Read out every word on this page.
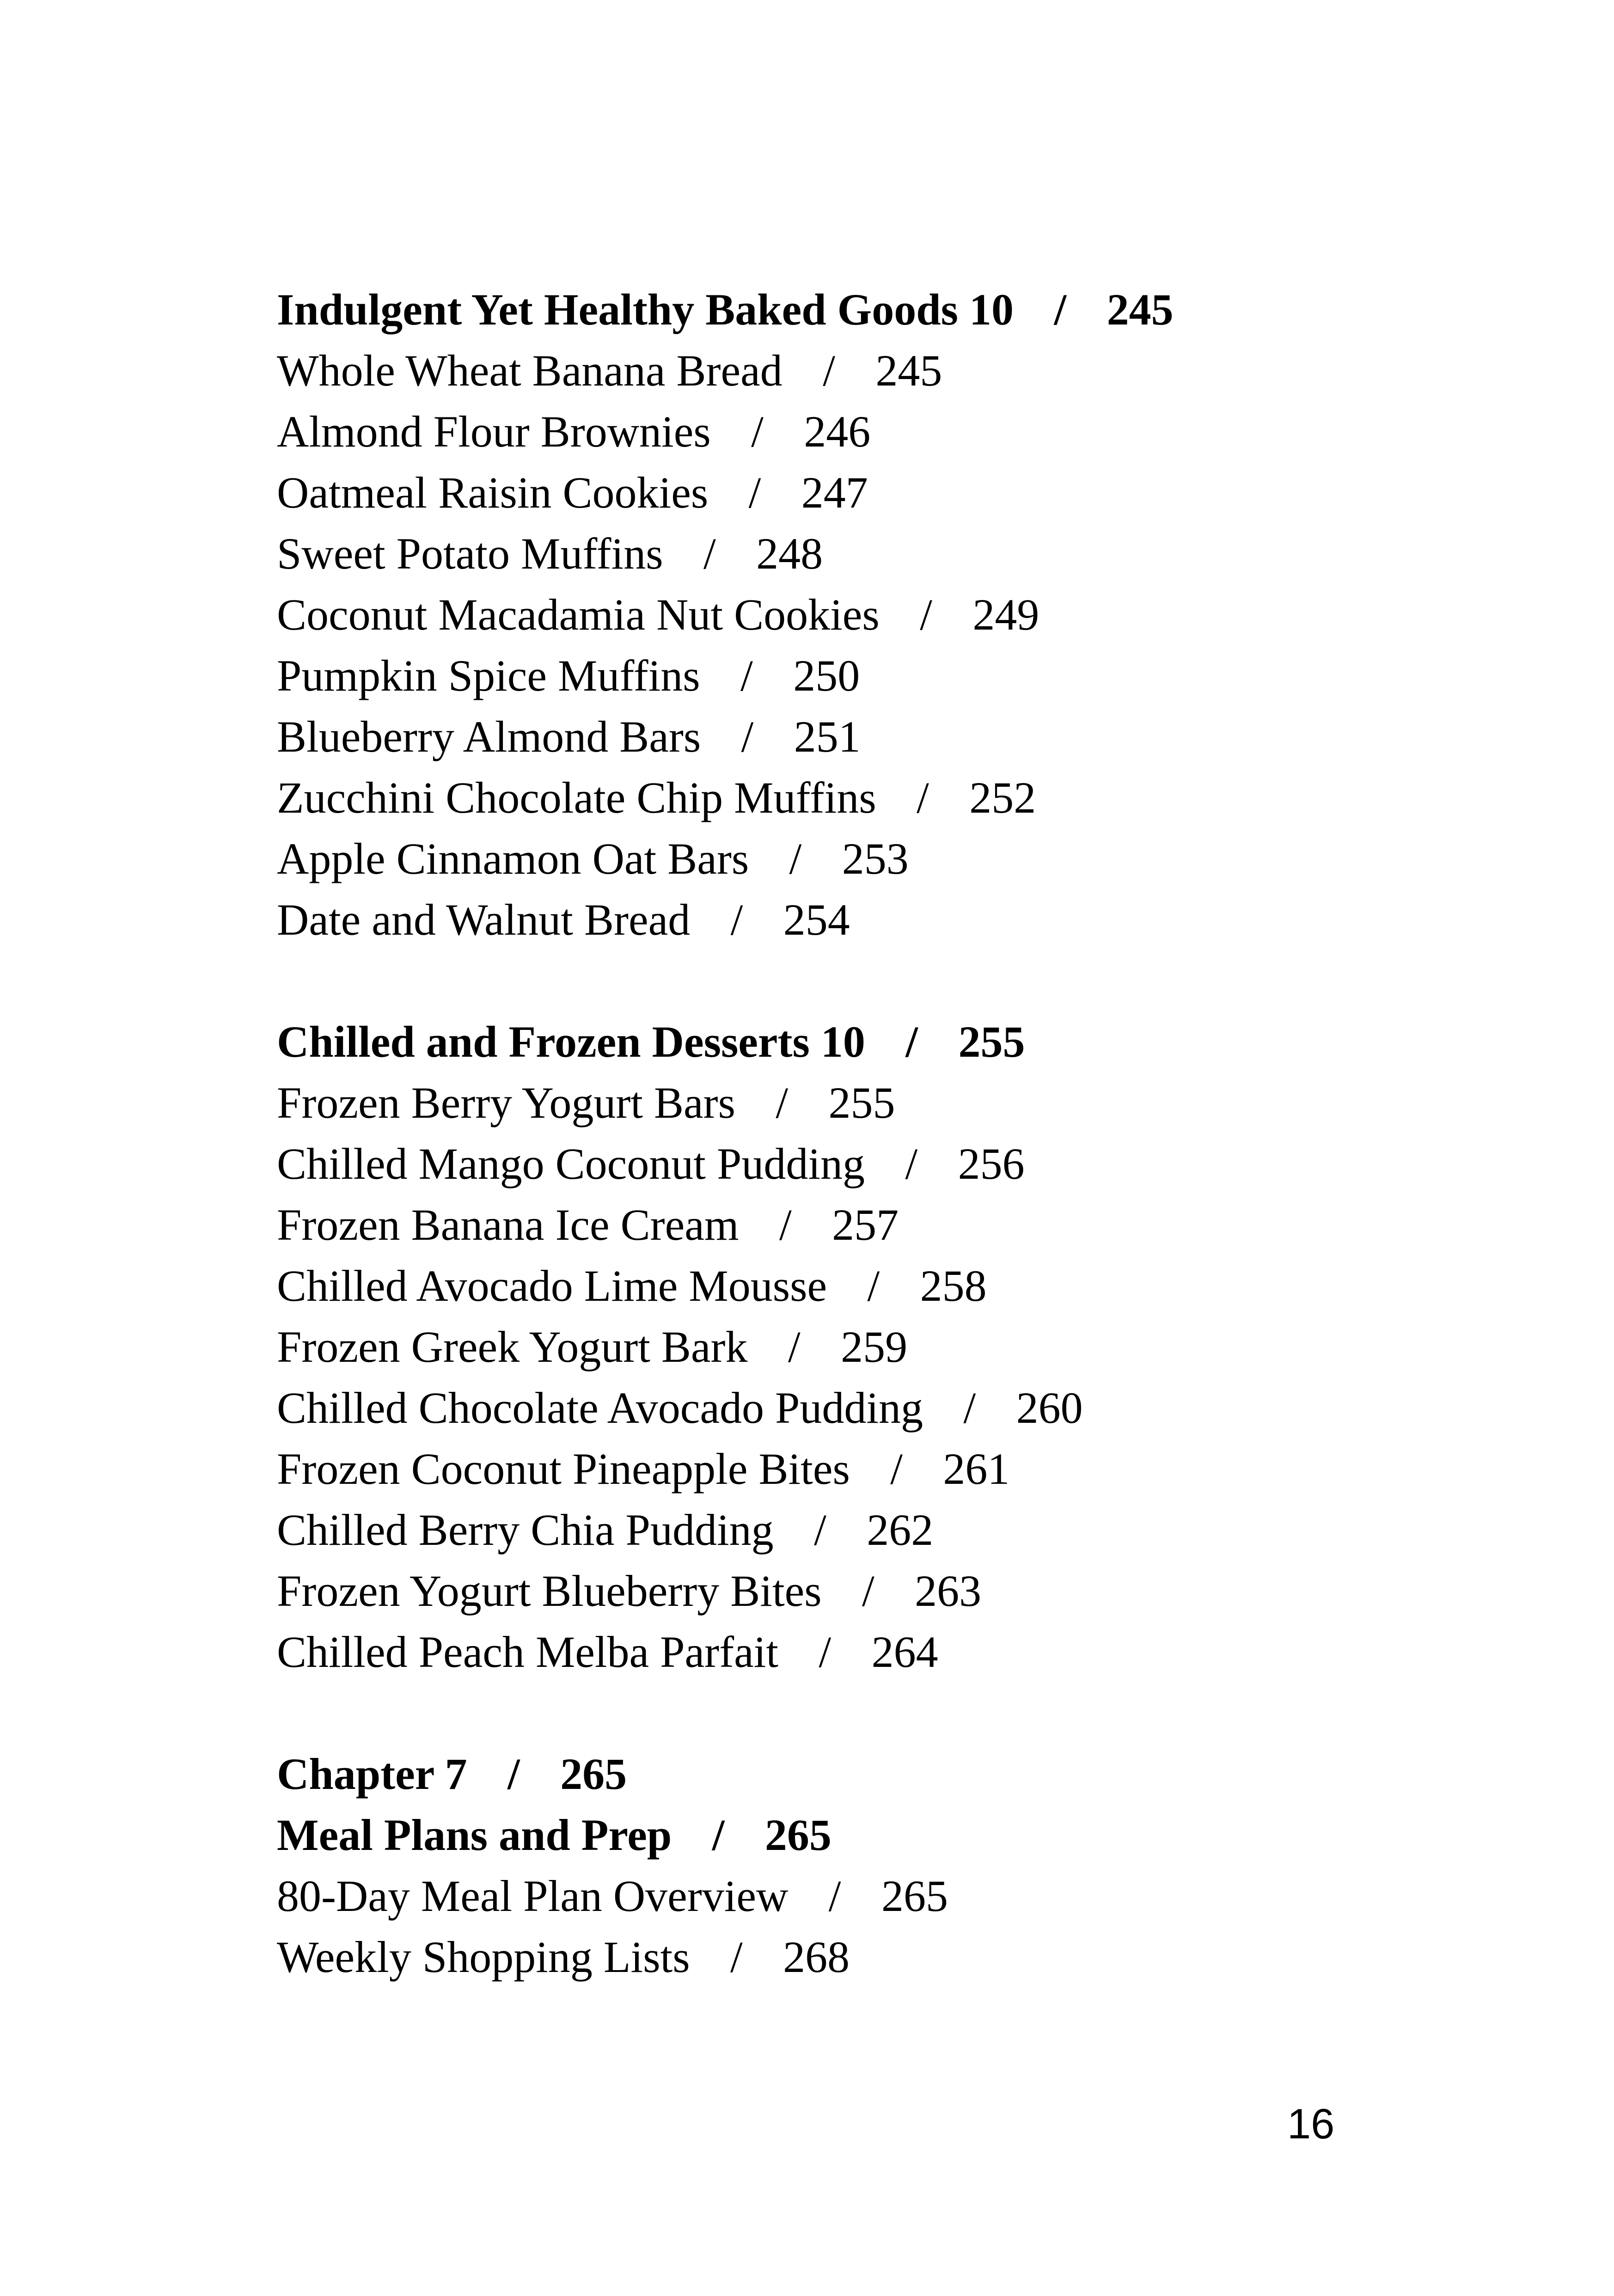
Indulgent Yet Healthy Baked Goods 10 / 245
Whole Wheat Banana Bread / 245
Almond Flour Brownies / 246
Oatmeal Raisin Cookies / 247
Sweet Potato Muffins / 248
Coconut Macadamia Nut Cookies / 249
Pumpkin Spice Muffins / 250
Blueberry Almond Bars / 251
Zucchini Chocolate Chip Muffins / 252
Apple Cinnamon Oat Bars / 253
Date and Walnut Bread / 254
Chilled and Frozen Desserts 10 / 255
Frozen Berry Yogurt Bars / 255
Chilled Mango Coconut Pudding / 256
Frozen Banana Ice Cream / 257
Chilled Avocado Lime Mousse / 258
Frozen Greek Yogurt Bark / 259
Chilled Chocolate Avocado Pudding / 260
Frozen Coconut Pineapple Bites / 261
Chilled Berry Chia Pudding / 262
Frozen Yogurt Blueberry Bites / 263
Chilled Peach Melba Parfait / 264
Chapter 7 / 265
Meal Plans and Prep / 265
80-Day Meal Plan Overview / 265
Weekly Shopping Lists / 268
16
